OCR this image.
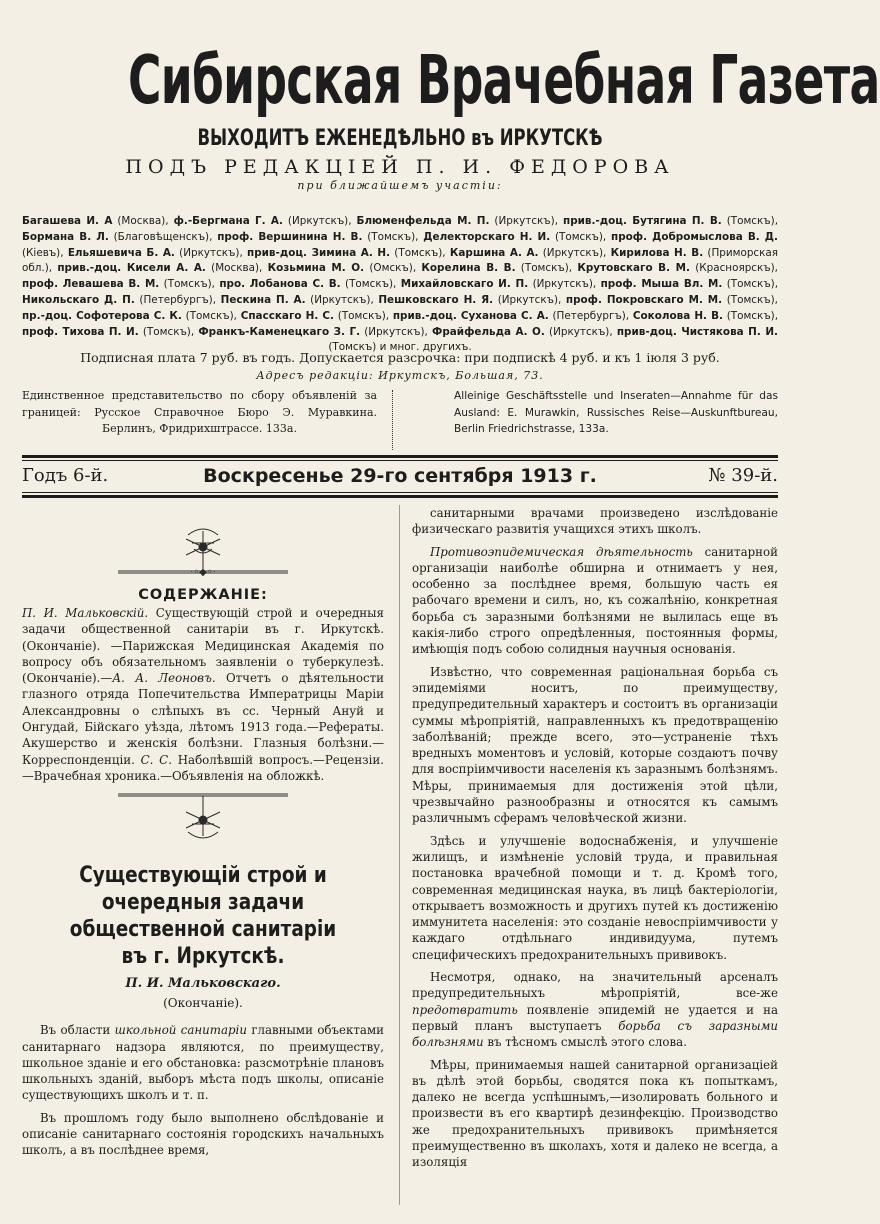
Сибирская Врачебная Газета
ВЫХОДИТЪ ЕЖЕНЕДѢЛЬНО въ ИРКУТСКѢ
ПОДЪ РЕДАКЦІЕЙ П. И. ФЕДОРОВА
при ближайшемъ участіи:
Багашева И. А (Москва), ф.-Бергмана Г. А. (Иркутскъ), Блюменфельда М. П. (Иркутскъ), прив.-доц. Бутягина П. В. (Томскъ), Бормана В. Л. (Благовѣщенскъ), проф. Вершинина Н. В. (Томскъ), Делекторскаго Н. И. (Томскъ), проф. Добромыслова В. Д. (Кіевъ), Ельяшевича Б. А. (Иркутскъ), прив-доц. Зимина А. Н. (Томскъ), Каршина А. А. (Иркутскъ), Кирилова Н. В. (Приморская обл.), прив.-доц. Кисели А. А. (Москва), Козьмина М. О. (Омскъ), Корелина В. В. (Томскъ), Крутовскаго В. М. (Красноярскъ), проф. Левашева В. М. (Томскъ), про. Лобанова С. В. (Томскъ), Михайловскаго И. П. (Иркутскъ), проф. Мыша Вл. М. (Томскъ), Никольскаго Д. П. (Петербургъ), Пескина П. А. (Иркутскъ), Пешковскаго Н. Я. (Иркутскъ), проф. Покровскаго М. М. (Томскъ), пр.-доц. Софотерова С. К. (Томскъ), Спасскаго Н. С. (Томскъ), прив.-доц. Суханова С. А. (Петербургъ), Соколова Н. В. (Томскъ), проф. Тихова П. И. (Томскъ), Франкъ-Каменецкаго З. Г. (Иркутскъ), Фрайфельда А. О. (Иркутскъ), прив-доц. Чистякова П. И. (Томскъ) и мног. другихъ.
Подписная плата 7 руб. въ годъ. Допускается разсрочка: при подпискѣ 4 руб. и къ 1 іюля 3 руб.
Адресъ редакціи: Иркутскъ, Большая, 73.
Единственное представительство по сбору объявленій за границей: Русское Справочное Бюро Э. Муравкина. Берлинъ, Фридрихштрассе. 133а.
Alleinige Geschäftsstelle und Inseraten—Annahme für das Ausland: E. Murawkin, Russisches Reise—Auskunftbureau, Berlin Friedrichstrasse, 133a.
Годъ 6-й.	Воскресенье 29-го сентября 1913 г.	№ 39-й.
·◦◆◦·
СОДЕРЖАНІЕ:
П. И. Мальковскій. Существующій строй и очередныя задачи общественной санитаріи въ г. Иркутскѣ. (Окончаніе). —Парижская Медицинская Академія по вопросу объ обязательномъ заявленіи о туберкулезѣ. (Окончаніе).—А. А. Леоновъ. Отчетъ о дѣятельности глазного отряда Попечительства Императрицы Маріи Александровны о слѣпыхъ въ сс. Черный Ануй и Онгудай, Бійскаго уѣзда, лѣтомъ 1913 года.—Рефераты. Акушерство и женскія болѣзни. Глазныя болѣзни.—Корреспонденціи. С. С. Наболѣвшій вопросъ.—Рецензіи.—Врачебная хроника.—Объявленія на обложкѣ.
Существующій строй и очередныя задачи общественной санитаріи въ г. Иркутскѣ.
П. И. Мальковскаго.
(Окончаніе).

Въ области школьной санитаріи главными объектами санитарнаго надзора являются, по преимуществу, школьное зданіе и его обстановка: разсмотрѣніе плановъ школьныхъ зданій, выборъ мѣста подъ школы, описаніе существующихъ школъ и т. п.

Въ прошломъ году было выполнено обслѣдованіе и описаніе санитарнаго состоянія городскихъ начальныхъ школъ, а въ послѣднее время,

санитарными врачами произведено изслѣдованіе физическаго развитія учащихся этихъ школъ.

Противоэпидемическая дѣятельность санитарной организаціи наиболѣе обширна и отнимаетъ у нея, особенно за послѣднее время, большую часть ея рабочаго времени и силъ, но, къ сожалѣнію, конкретная борьба съ заразными болѣзнями не вылилась еще въ какія-либо строго опредѣленныя, постоянныя формы, имѣющія подъ собою солидныя научныя основанія.

Извѣстно, что современная раціональная борьба съ эпидеміями носитъ, по преимуществу, предупредительный характеръ и состоитъ въ организаціи суммы мѣропріятій, направленныхъ къ предотвращенію заболѣваній; прежде всего, это—устраненіе тѣхъ вредныхъ моментовъ и условій, которые создаютъ почву для воспріимчивости населенія къ заразнымъ болѣзнямъ. Мѣры, принимаемыя для достиженія этой цѣли, чрезвычайно разнообразны и относятся къ самымъ различнымъ сферамъ человѣческой жизни.

Здѣсь и улучшеніе водоснабженія, и улучшеніе жилищъ, и измѣненіе условій труда, и правильная постановка врачебной помощи и т. д. Кромѣ того, современная медицинская наука, въ лицѣ бактеріологіи, открываетъ возможность и другихъ путей къ достиженію иммунитета населенія: это созданіе невоспріимчивости у каждаго отдѣльнаго индивидуума, путемъ специфическихъ предохранительныхъ прививокъ.

Несмотря, однако, на значительный арсеналъ предупредительныхъ мѣропріятій, все-же предотвратить появленіе эпидемій не удается и на первый планъ выступаетъ борьба съ заразными болѣзнями въ тѣсномъ смыслѣ этого слова.

Мѣры, принимаемыя нашей санитарной организаціей въ дѣлѣ этой борьбы, сводятся пока къ попыткамъ, далеко не всегда успѣшнымъ,—изолировать больного и произвести въ его квартирѣ дезинфекцію. Производство же предохранительныхъ прививокъ примѣняется преимущественно въ школахъ, хотя и далеко не всегда, а изоляція
